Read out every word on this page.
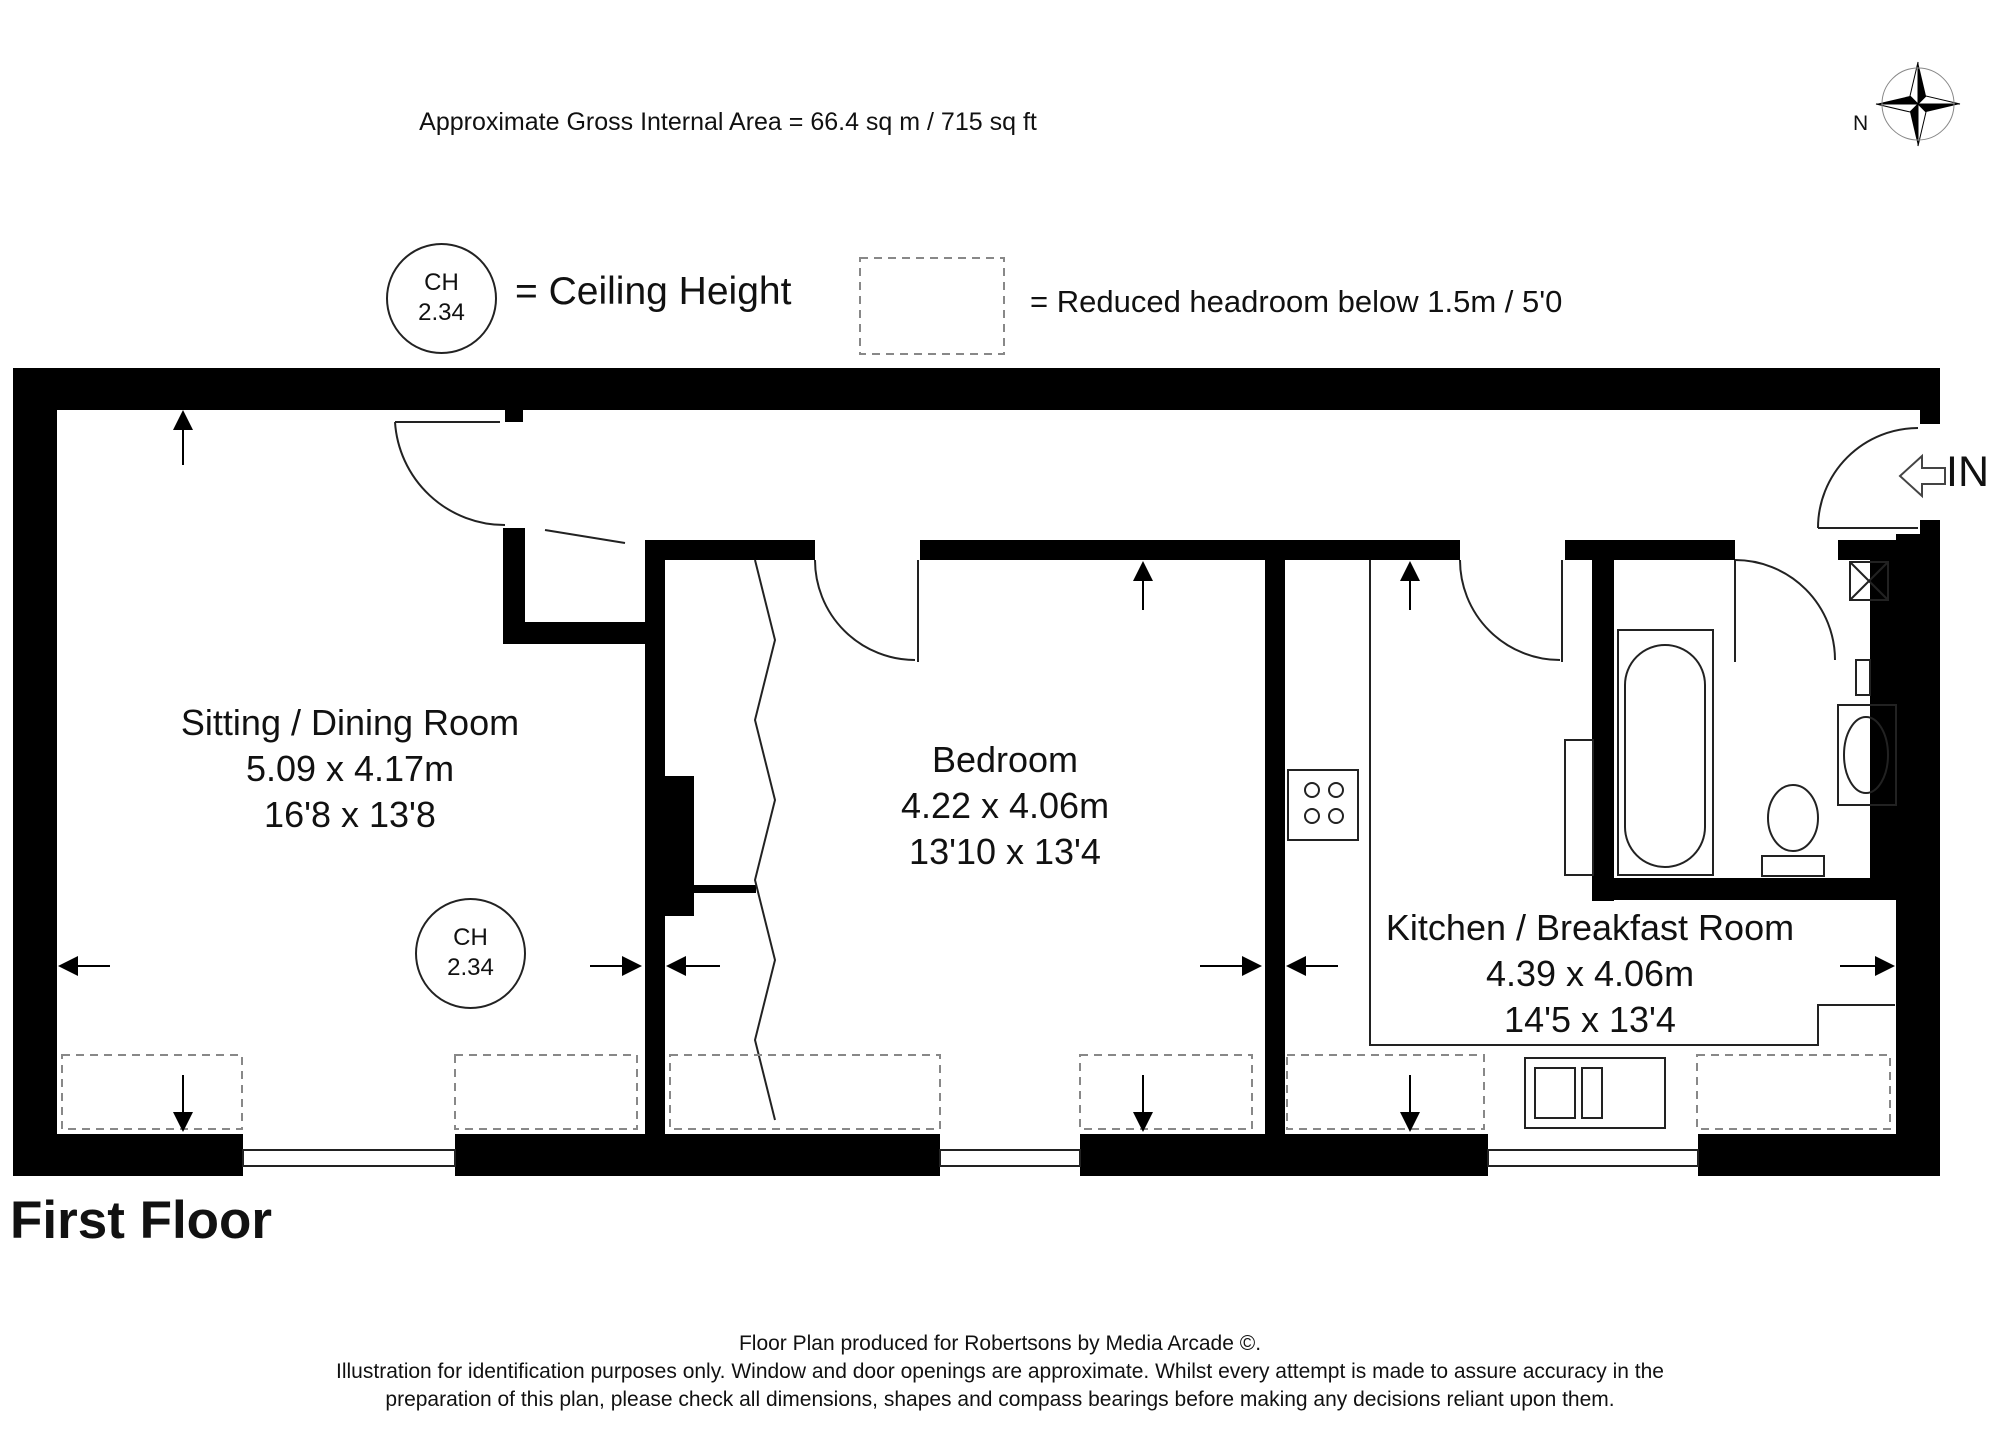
Approximate Gross Internal Area = 66.4 sq m / 715 sq ft	N
CH
2.34	= Ceiling Height	= Reduced headroom below 1.5m / 5'0
IN
Sitting / Dining Room
5.09 x 4.17m
16'8 x 13'8
CH
2.34
Bedroom
4.22 x 4.06m
13'10 x 13'4
Kitchen / Breakfast Room
4.39 x 4.06m
14'5 x 13'4
First Floor
Floor Plan produced for Robertsons by Media Arcade ©.
Illustration for identification purposes only. Window and door openings are approximate. Whilst every attempt is made to assure accuracy in the
preparation of this plan, please check all dimensions, shapes and compass bearings before making any decisions reliant upon them.
